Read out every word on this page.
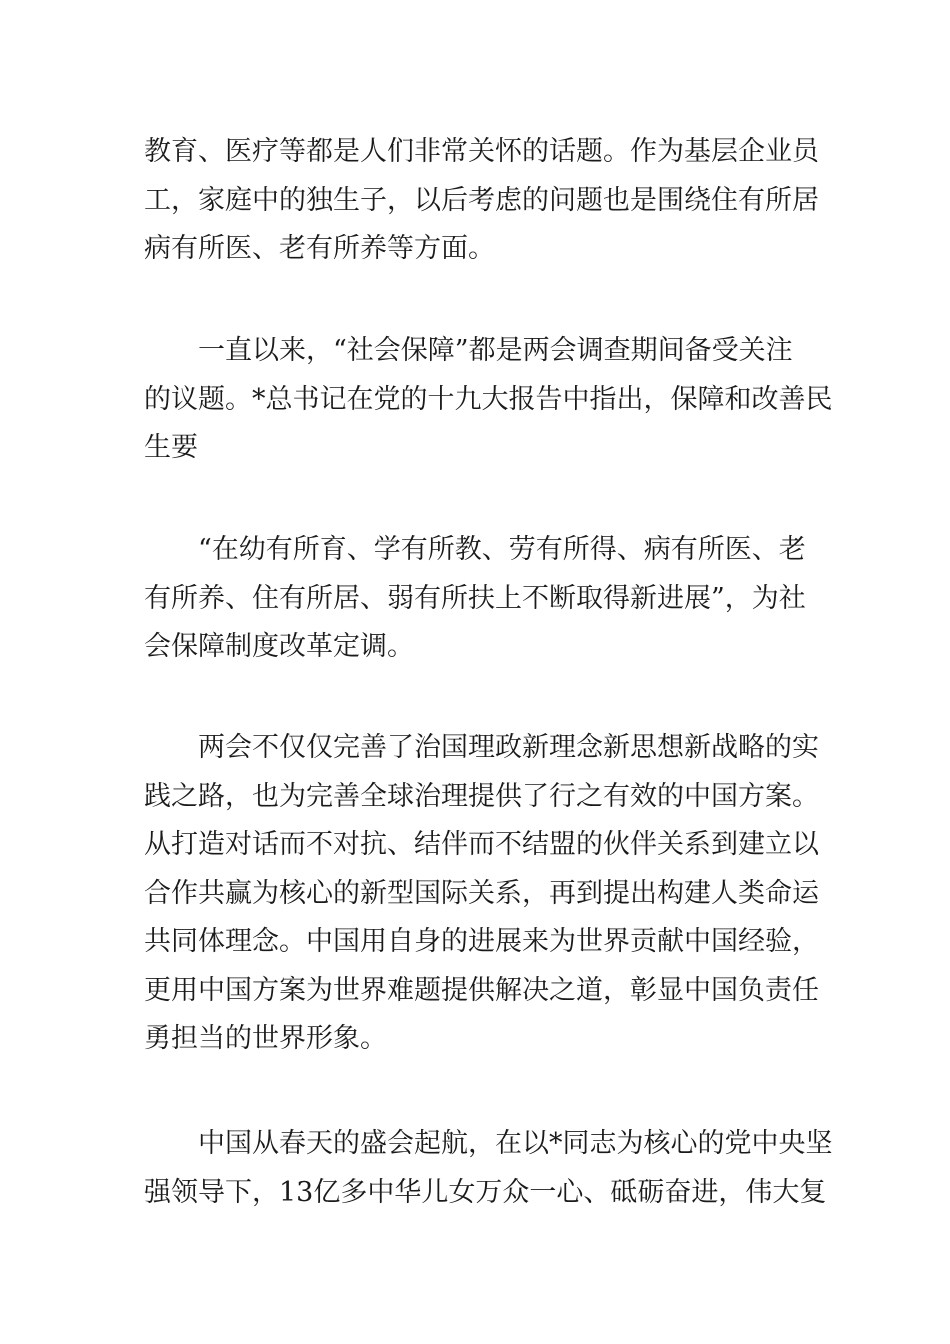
教育、医疗等都是人们非常关怀的话题。作为基层企业员
工，家庭中的独生子，以后考虑的问题也是围绕住有所居
病有所医、老有所养等方面。
一直以来，“社会保障”都是两会调查期间备受关注
的议题。*总书记在党的十九大报告中指出，保障和改善民
生要
“在幼有所育、学有所教、劳有所得、病有所医、老
有所养、住有所居、弱有所扶上不断取得新进展”，为社
会保障制度改革定调。
两会不仅仅完善了治国理政新理念新思想新战略的实
践之路，也为完善全球治理提供了行之有效的中国方案。
从打造对话而不对抗、结伴而不结盟的伙伴关系到建立以
合作共赢为核心的新型国际关系，再到提出构建人类命运
共同体理念。中国用自身的进展来为世界贡献中国经验，
更用中国方案为世界难题提供解决之道，彰显中国负责任
勇担当的世界形象。
中国从春天的盛会起航，在以*同志为核心的党中央坚
强领导下，13亿多中华儿女万众一心、砥砺奋进，伟大复
